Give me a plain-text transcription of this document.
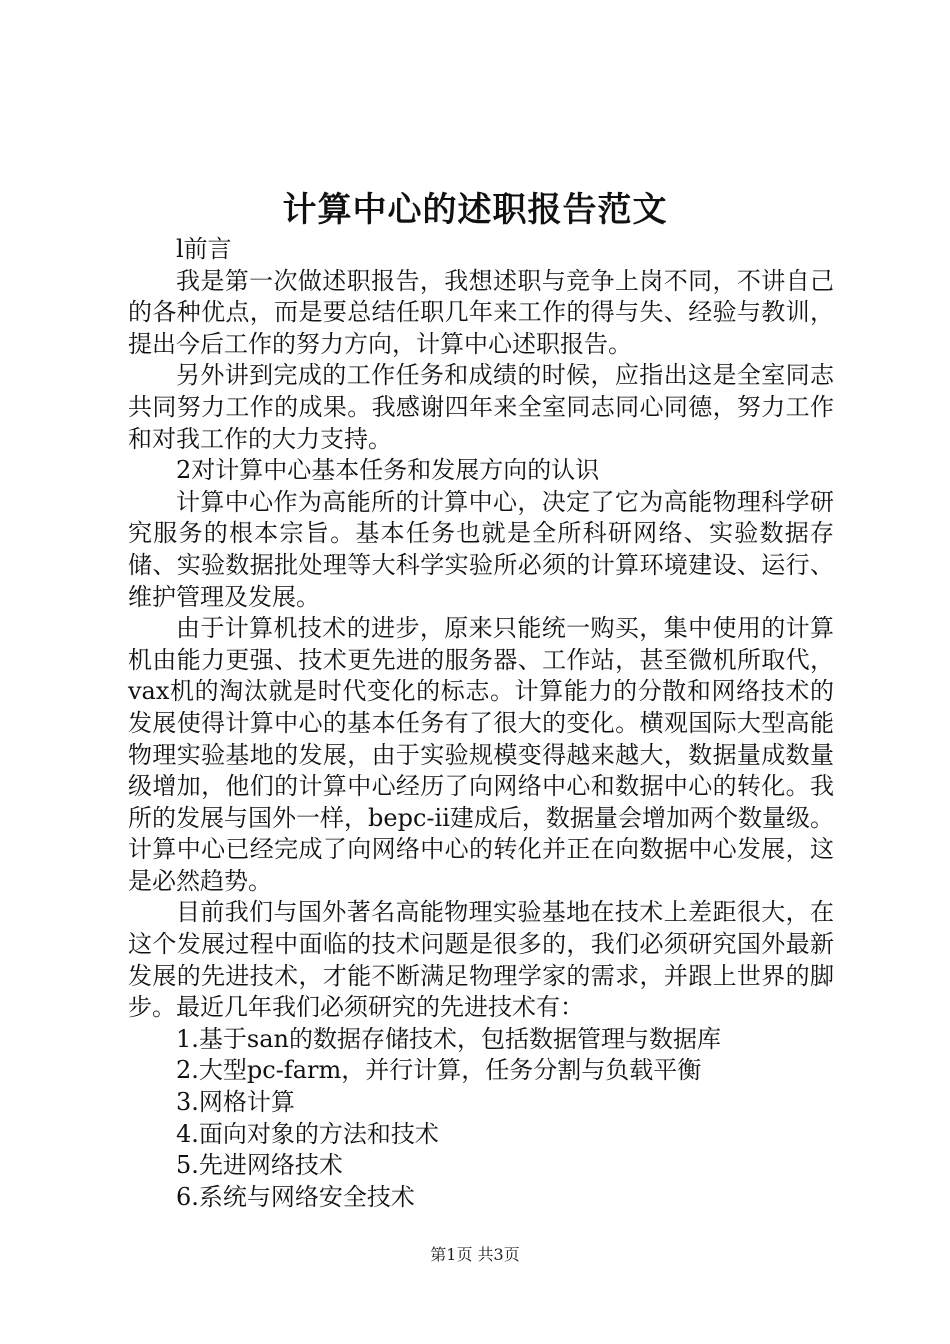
计算中心的述职报告范文

l前言

我是第一次做述职报告，我想述职与竞争上岗不同，不讲自己的各种优点，而是要总结任职几年来工作的得与失、经验与教训，提出今后工作的努力方向，计算中心述职报告。

另外讲到完成的工作任务和成绩的时候，应指出这是全室同志共同努力工作的成果。我感谢四年来全室同志同心同德，努力工作和对我工作的大力支持。

2对计算中心基本任务和发展方向的认识

计算中心作为高能所的计算中心，决定了它为高能物理科学研究服务的根本宗旨。基本任务也就是全所科研网络、实验数据存储、实验数据批处理等大科学实验所必须的计算环境建设、运行、维护管理及发展。

由于计算机技术的进步，原来只能统一购买，集中使用的计算机由能力更强、技术更先进的服务器、工作站，甚至微机所取代，vax机的淘汰就是时代变化的标志。计算能力的分散和网络技术的发展使得计算中心的基本任务有了很大的变化。横观国际大型高能物理实验基地的发展，由于实验规模变得越来越大，数据量成数量级增加，他们的计算中心经历了向网络中心和数据中心的转化。我所的发展与国外一样，bepc-ii建成后，数据量会增加两个数量级。计算中心已经完成了向网络中心的转化并正在向数据中心发展，这是必然趋势。

目前我们与国外著名高能物理实验基地在技术上差距很大，在这个发展过程中面临的技术问题是很多的，我们必须研究国外最新发展的先进技术，才能不断满足物理学家的需求，并跟上世界的脚步。最近几年我们必须研究的先进技术有：

1.基于san的数据存储技术，包括数据管理与数据库

2.大型pc-farm，并行计算，任务分割与负载平衡

3.网格计算

4.面向对象的方法和技术

5.先进网络技术

6.系统与网络安全技术

第1页 共3页
